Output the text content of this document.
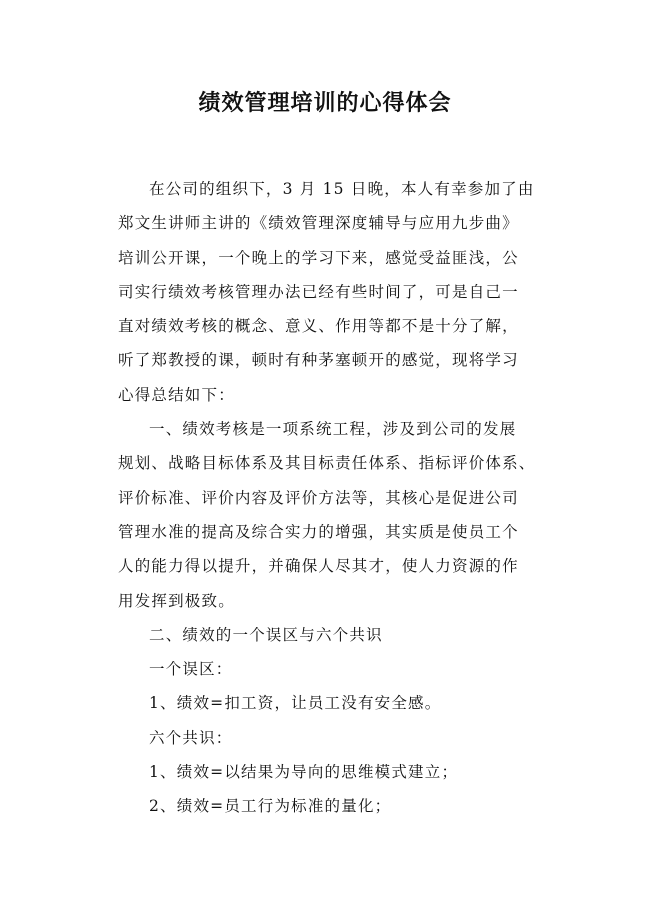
绩效管理培训的心得体会

在公司的组织下，3 月 15 日晚，本人有幸参加了由
郑文生讲师主讲的《绩效管理深度辅导与应用九步曲》
培训公开课，一个晚上的学习下来，感觉受益匪浅，公
司实行绩效考核管理办法已经有些时间了，可是自己一
直对绩效考核的概念、意义、作用等都不是十分了解，
听了郑教授的课，顿时有种茅塞顿开的感觉，现将学习
心得总结如下：

一、绩效考核是一项系统工程，涉及到公司的发展
规划、战略目标体系及其目标责任体系、指标评价体系、
评价标准、评价内容及评价方法等，其核心是促进公司
管理水准的提高及综合实力的增强，其实质是使员工个
人的能力得以提升，并确保人尽其才，使人力资源的作
用发挥到极致。

二、绩效的一个误区与六个共识

一个误区：

1、绩效=扣工资，让员工没有安全感。

六个共识：

1、绩效=以结果为导向的思维模式建立；

2、绩效=员工行为标准的量化；
